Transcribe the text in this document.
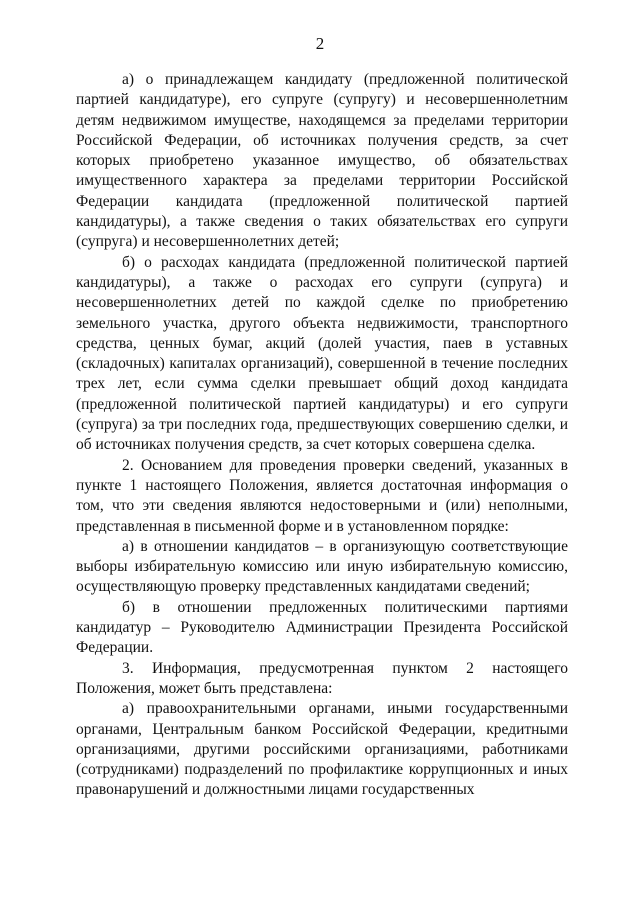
2

а) о принадлежащем кандидату (предложенной политической партией кандидатуре), его супруге (супругу) и несовершеннолетним детям недвижимом имуществе, находящемся за пределами территории Российской Федерации, об источниках получения средств, за счет которых приобретено указанное имущество, об обязательствах имущественного характера за пределами территории Российской Федерации кандидата (предложенной политической партией кандидатуры), а также сведения о таких обязательствах его супруги (супруга) и несовершеннолетних детей;

б) о расходах кандидата (предложенной политической партией кандидатуры), а также о расходах его супруги (супруга) и несовершеннолетних детей по каждой сделке по приобретению земельного участка, другого объекта недвижимости, транспортного средства, ценных бумаг, акций (долей участия, паев в уставных (складочных) капиталах организаций), совершенной в течение последних трех лет, если сумма сделки превышает общий доход кандидата (предложенной политической партией кандидатуры) и его супруги (супруга) за три последних года, предшествующих совершению сделки, и об источниках получения средств, за счет которых совершена сделка.

2. Основанием для проведения проверки сведений, указанных в пункте 1 настоящего Положения, является достаточная информация о том, что эти сведения являются недостоверными и (или) неполными, представленная в письменной форме и в установленном порядке:

а) в отношении кандидатов – в организующую соответствующие выборы избирательную комиссию или иную избирательную комиссию, осуществляющую проверку представленных кандидатами сведений;

б) в отношении предложенных политическими партиями кандидатур – Руководителю Администрации Президента Российской Федерации.

3. Информация, предусмотренная пунктом 2 настоящего Положения, может быть представлена:

а) правоохранительными органами, иными государственными органами, Центральным банком Российской Федерации, кредитными организациями, другими российскими организациями, работниками (сотрудниками) подразделений по профилактике коррупционных и иных правонарушений и должностными лицами государственных
